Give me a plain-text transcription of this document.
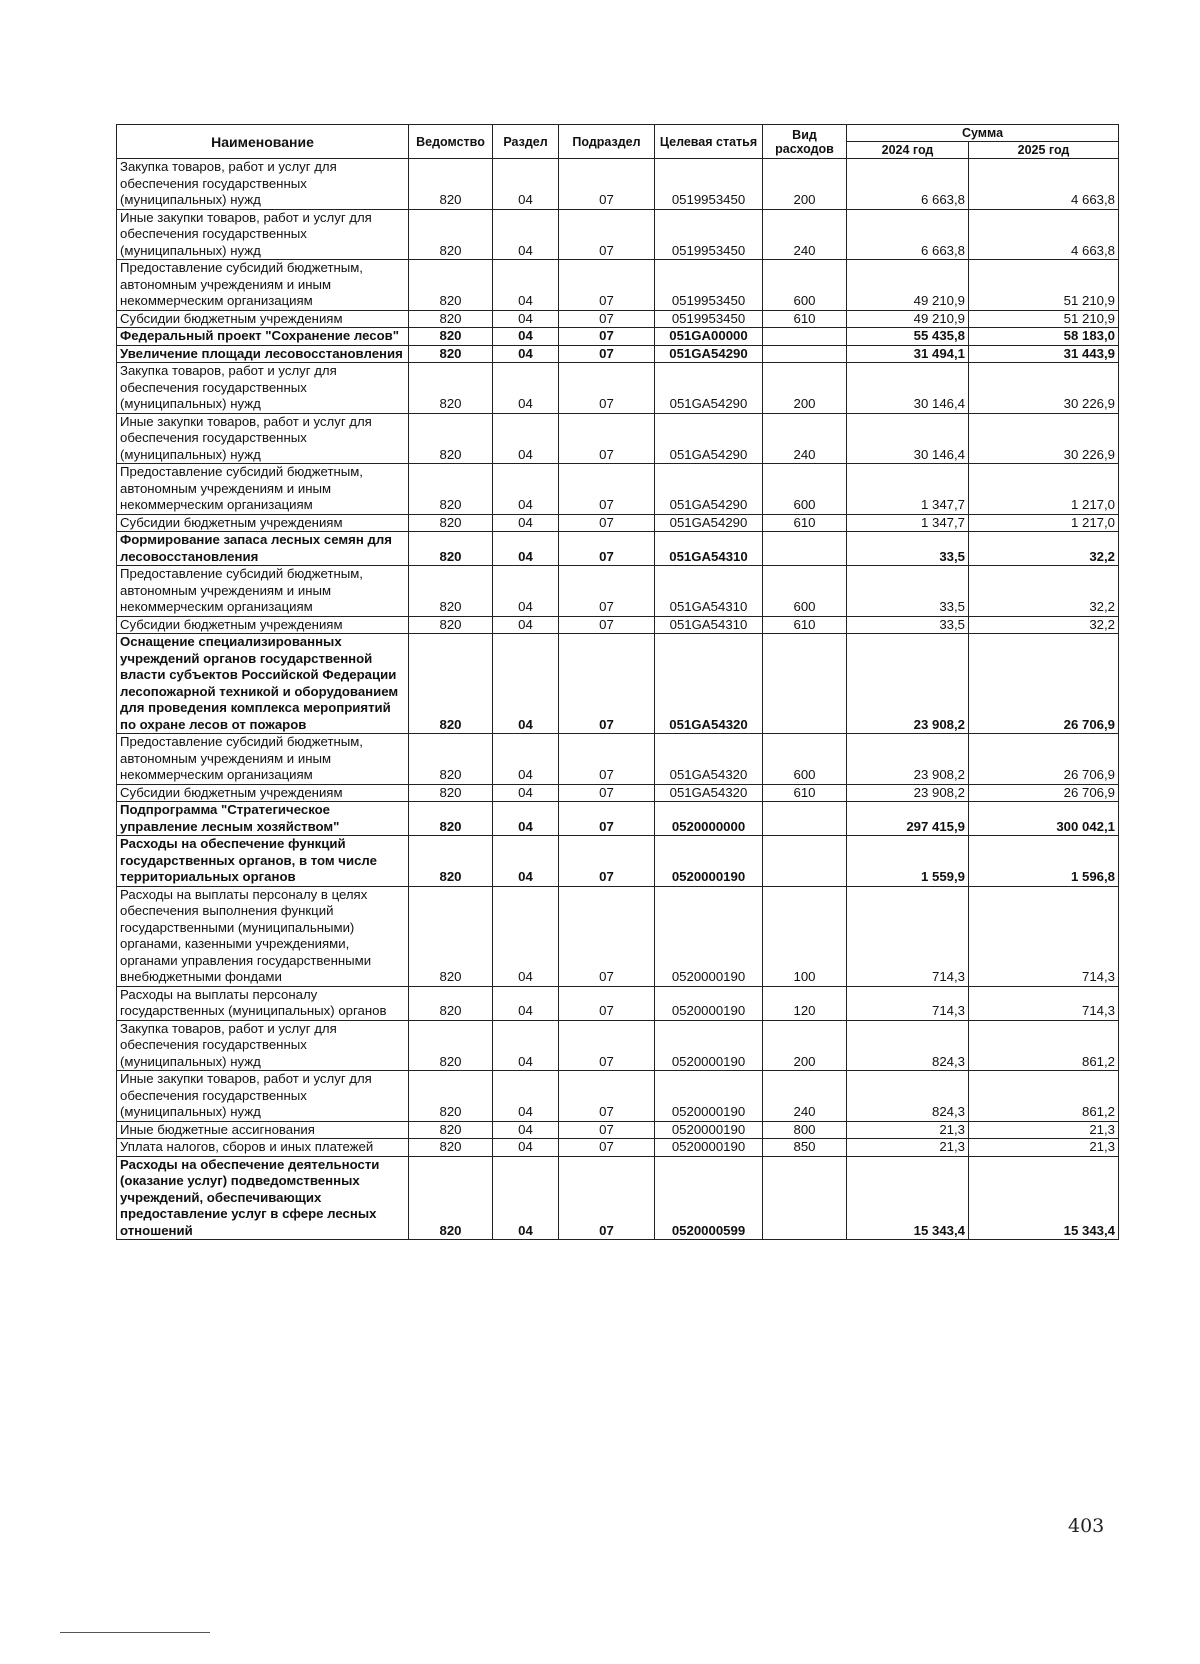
Наименование	Ведомство	Раздел	Подраздел	Целевая статья	Вид расходов	Сумма	
						2024 год	2025 год
Закупка товаров, работ и услуг для обеспечения государственных (муниципальных) нужд	820	04	07	0519953450	200	6 663,8	4 663,8
Иные закупки товаров, работ и услуг для обеспечения государственных (муниципальных) нужд	820	04	07	0519953450	240	6 663,8	4 663,8
Предоставление субсидий бюджетным, автономным учреждениям и иным некоммерческим организациям	820	04	07	0519953450	600	49 210,9	51 210,9
Субсидии бюджетным учреждениям	820	04	07	0519953450	610	49 210,9	51 210,9
Федеральный проект "Сохранение лесов"	820	04	07	051GA00000		55 435,8	58 183,0
Увеличение площади лесовосстановления	820	04	07	051GA54290		31 494,1	31 443,9
Закупка товаров, работ и услуг для обеспечения государственных (муниципальных) нужд	820	04	07	051GA54290	200	30 146,4	30 226,9
Иные закупки товаров, работ и услуг для обеспечения государственных (муниципальных) нужд	820	04	07	051GA54290	240	30 146,4	30 226,9
Предоставление субсидий бюджетным, автономным учреждениям и иным некоммерческим организациям	820	04	07	051GA54290	600	1 347,7	1 217,0
Субсидии бюджетным учреждениям	820	04	07	051GA54290	610	1 347,7	1 217,0
Формирование запаса лесных семян для лесовосстановления	820	04	07	051GA54310		33,5	32,2
Предоставление субсидий бюджетным, автономным учреждениям и иным некоммерческим организациям	820	04	07	051GA54310	600	33,5	32,2
Субсидии бюджетным учреждениям	820	04	07	051GA54310	610	33,5	32,2
Оснащение специализированных учреждений органов государственной власти субъектов Российской Федерации лесопожарной техникой и оборудованием для проведения комплекса мероприятий по охране лесов от пожаров	820	04	07	051GA54320		23 908,2	26 706,9
Предоставление субсидий бюджетным, автономным учреждениям и иным некоммерческим организациям	820	04	07	051GA54320	600	23 908,2	26 706,9
Субсидии бюджетным учреждениям	820	04	07	051GA54320	610	23 908,2	26 706,9
Подпрограмма "Стратегическое управление лесным хозяйством"	820	04	07	0520000000		297 415,9	300 042,1
Расходы на обеспечение функций государственных органов, в том числе территориальных органов	820	04	07	0520000190		1 559,9	1 596,8
Расходы на выплаты персоналу в целях обеспечения выполнения функций государственными (муниципальными) органами, казенными учреждениями, органами управления государственными внебюджетными фондами	820	04	07	0520000190	100	714,3	714,3
Расходы на выплаты персоналу государственных (муниципальных) органов	820	04	07	0520000190	120	714,3	714,3
Закупка товаров, работ и услуг для обеспечения государственных (муниципальных) нужд	820	04	07	0520000190	200	824,3	861,2
Иные закупки товаров, работ и услуг для обеспечения государственных (муниципальных) нужд	820	04	07	0520000190	240	824,3	861,2
Иные бюджетные ассигнования	820	04	07	0520000190	800	21,3	21,3
Уплата налогов, сборов и иных платежей	820	04	07	0520000190	850	21,3	21,3
Расходы на обеспечение деятельности (оказание услуг) подведомственных учреждений, обеспечивающих предоставление услуг в сфере лесных отношений	820	04	07	0520000599		15 343,4	15 343,4
403
